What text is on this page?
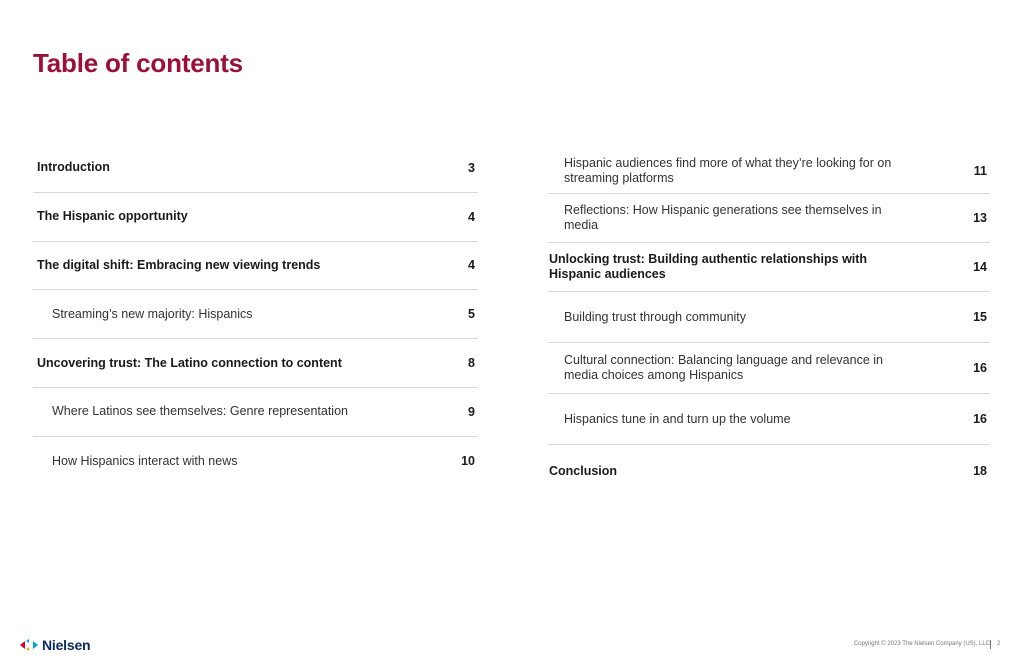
Table of contents
Introduction	3
The Hispanic opportunity	4
The digital shift: Embracing new viewing trends	4
Streaming’s new majority: Hispanics	5
Uncovering trust: The Latino connection to content	8
Where Latinos see themselves: Genre representation	9
How Hispanics interact with news	10
Hispanic audiences find more of what they’re looking for on streaming platforms	11
Reflections: How Hispanic generations see themselves in media	13
Unlocking trust: Building authentic relationships with Hispanic audiences	14
Building trust through community	15
Cultural connection: Balancing language and relevance in media choices among Hispanics	16
Hispanics tune in and turn up the volume	16
Conclusion	18
Nielsen	Copyright © 2023 The Nielsen Company (US), LLC 2
